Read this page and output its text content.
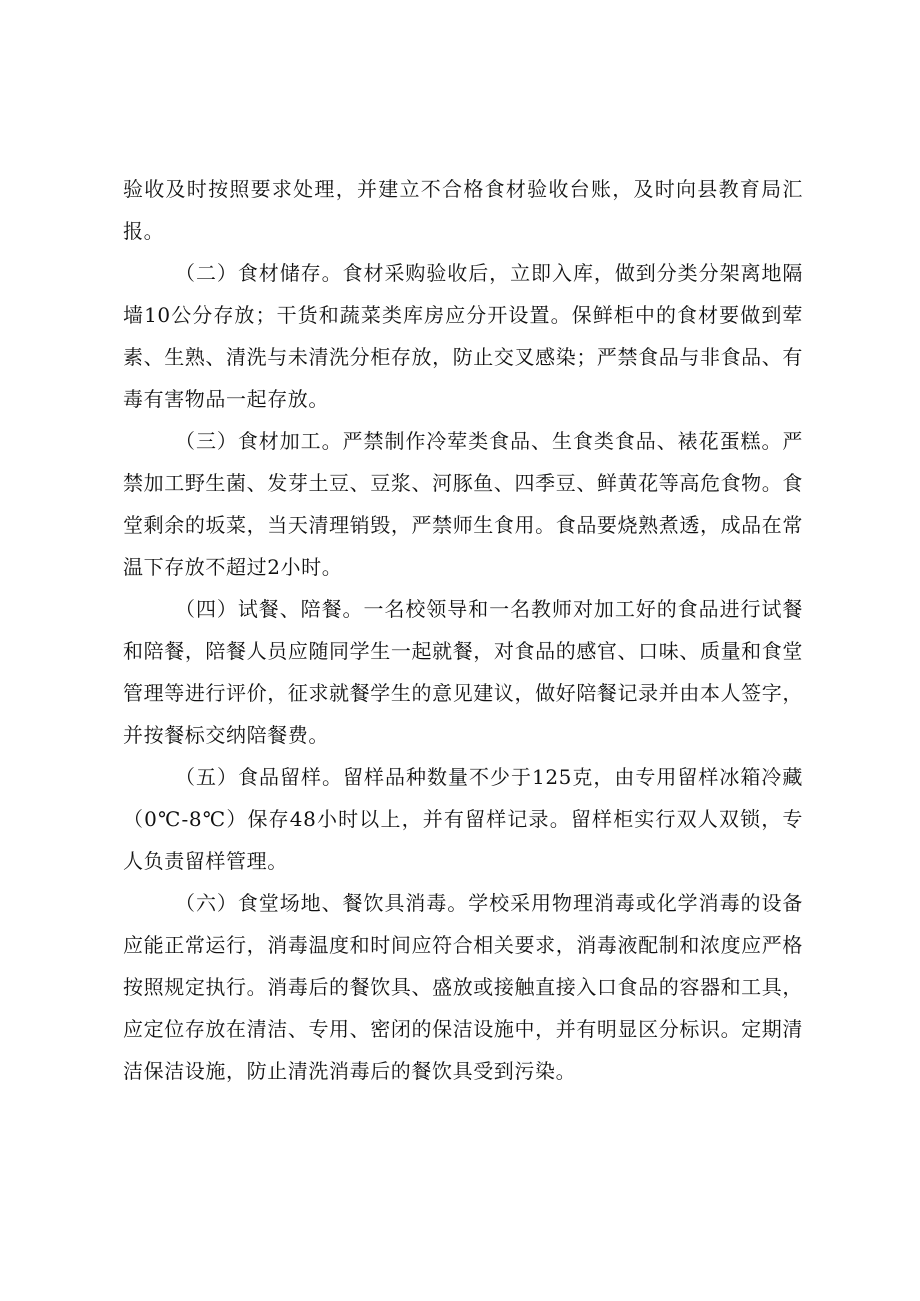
验收及时按照要求处理，并建立不合格食材验收台账，及时向县教育局汇报。

（二）食材储存。食材采购验收后，立即入库，做到分类分架离地隔墙10公分存放；干货和蔬菜类库房应分开设置。保鲜柜中的食材要做到荤素、生熟、清洗与未清洗分柜存放，防止交叉感染；严禁食品与非食品、有毒有害物品一起存放。

（三）食材加工。严禁制作冷荤类食品、生食类食品、裱花蛋糕。严禁加工野生菌、发芽土豆、豆浆、河豚鱼、四季豆、鲜黄花等高危食物。食堂剩余的坂菜，当天清理销毁，严禁师生食用。食品要烧熟煮透，成品在常温下存放不超过2小时。

（四）试餐、陪餐。一名校领导和一名教师对加工好的食品进行试餐和陪餐，陪餐人员应随同学生一起就餐，对食品的感官、口味、质量和食堂管理等进行评价，征求就餐学生的意见建议，做好陪餐记录并由本人签字，并按餐标交纳陪餐费。

（五）食品留样。留样品种数量不少于125克，由专用留样冰箱冷藏（0℃-8℃）保存48小时以上，并有留样记录。留样柜实行双人双锁，专人负责留样管理。

（六）食堂场地、餐饮具消毒。学校采用物理消毒或化学消毒的设备应能正常运行，消毒温度和时间应符合相关要求，消毒液配制和浓度应严格按照规定执行。消毒后的餐饮具、盛放或接触直接入口食品的容器和工具，应定位存放在清洁、专用、密闭的保洁设施中，并有明显区分标识。定期清洁保洁设施，防止清洗消毒后的餐饮具受到污染。
